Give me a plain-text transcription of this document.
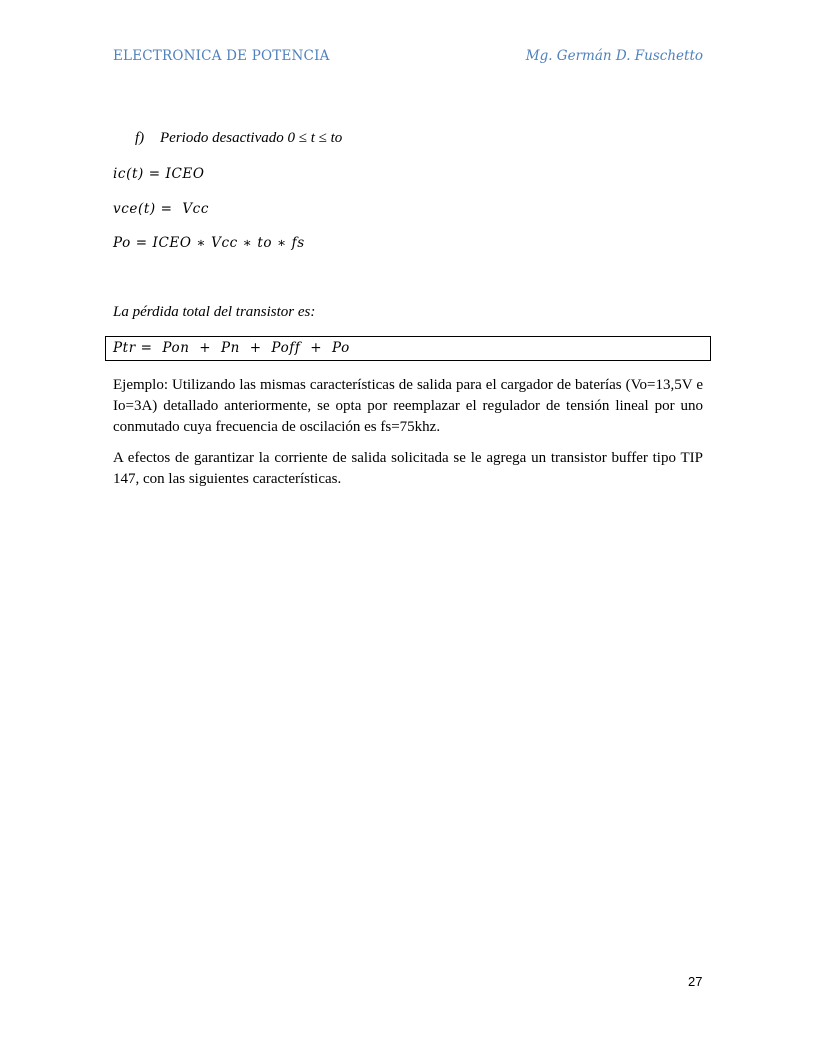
ELECTRONICA DE POTENCIA	Mg. Germán D. Fuschetto
f) Periodo desactivado 0 ≤ t ≤ to
ic(t) = ICEO
vce(t) =  Vcc
Po = ICEO ∗ Vcc ∗ to ∗ fs
La pérdida total del transistor es:
Ptr =  Pon  +  Pn  +  Poff  +  Po

Ejemplo: Utilizando las mismas características de salida para el cargador de baterías (Vo=13,5V e Io=3A) detallado anteriormente, se opta por reemplazar el regulador de tensión lineal por uno conmutado cuya frecuencia de oscilación es fs=75khz.

A efectos de garantizar la corriente de salida solicitada se le agrega un transistor buffer tipo TIP 147, con las siguientes características.

27
